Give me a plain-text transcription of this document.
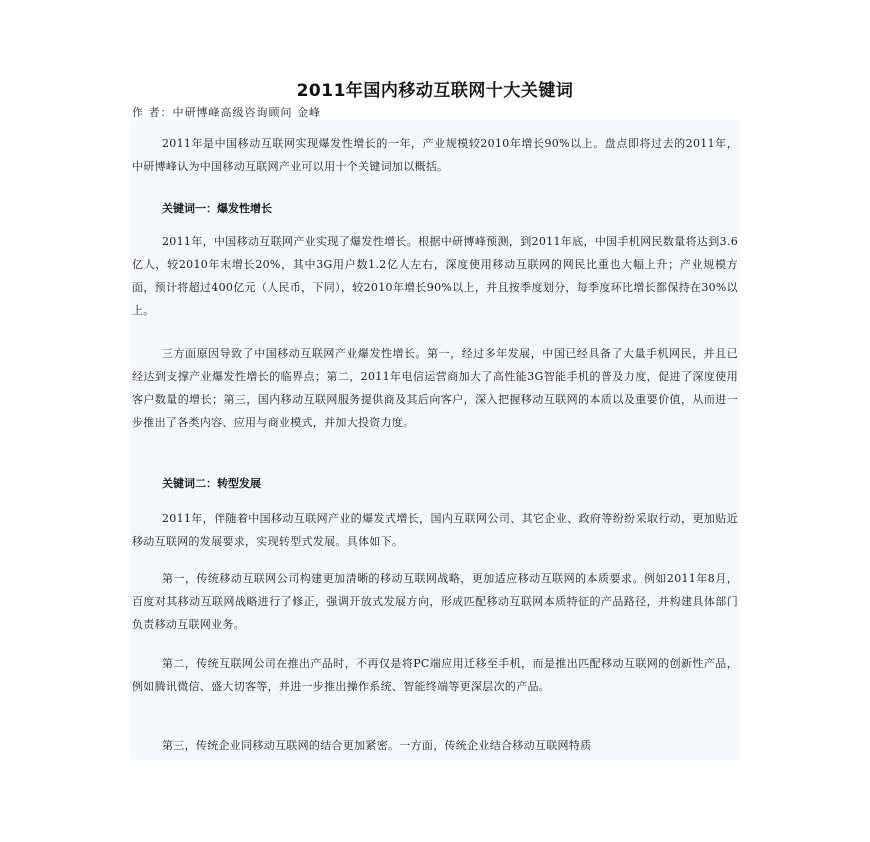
2011年国内移动互联网十大关键词
作 者：中研博峰高级咨询顾问 金峰
2011年是中国移动互联网实现爆发性增长的一年，产业规模较2010年增长90%以上。盘点即将过去的2011年，中研博峰认为中国移动互联网产业可以用十个关键词加以概括。
关键词一：爆发性增长
2011年，中国移动互联网产业实现了爆发性增长。根据中研博峰预测，到2011年底，中国手机网民数量将达到3.6亿人，较2010年末增长20%，其中3G用户数1.2亿人左右，深度使用移动互联网的网民比重也大幅上升；产业规模方面，预计将超过400亿元（人民币，下同），较2010年增长90%以上，并且按季度划分，每季度环比增长都保持在30%以上。
三方面原因导致了中国移动互联网产业爆发性增长。第一，经过多年发展，中国已经具备了大量手机网民，并且已经达到支撑产业爆发性增长的临界点；第二，2011年电信运营商加大了高性能3G智能手机的普及力度，促进了深度使用客户数量的增长；第三，国内移动互联网服务提供商及其后向客户，深入把握移动互联网的本质以及重要价值，从而进一步推出了各类内容、应用与商业模式，并加大投资力度。
关键词二：转型发展
2011年，伴随着中国移动互联网产业的爆发式增长，国内互联网公司、其它企业、政府等纷纷采取行动，更加贴近移动互联网的发展要求，实现转型式发展。具体如下。
第一，传统移动互联网公司构建更加清晰的移动互联网战略，更加适应移动互联网的本质要求。例如2011年8月，百度对其移动互联网战略进行了修正，强调开放式发展方向，形成匹配移动互联网本质特征的产品路径，并构建具体部门负责移动互联网业务。
第二，传统互联网公司在推出产品时，不再仅是将PC端应用迁移至手机，而是推出匹配移动互联网的创新性产品，例如腾讯微信、盛大切客等，并进一步推出操作系统、智能终端等更深层次的产品。
第三，传统企业同移动互联网的结合更加紧密。一方面，传统企业结合移动互联网特质
